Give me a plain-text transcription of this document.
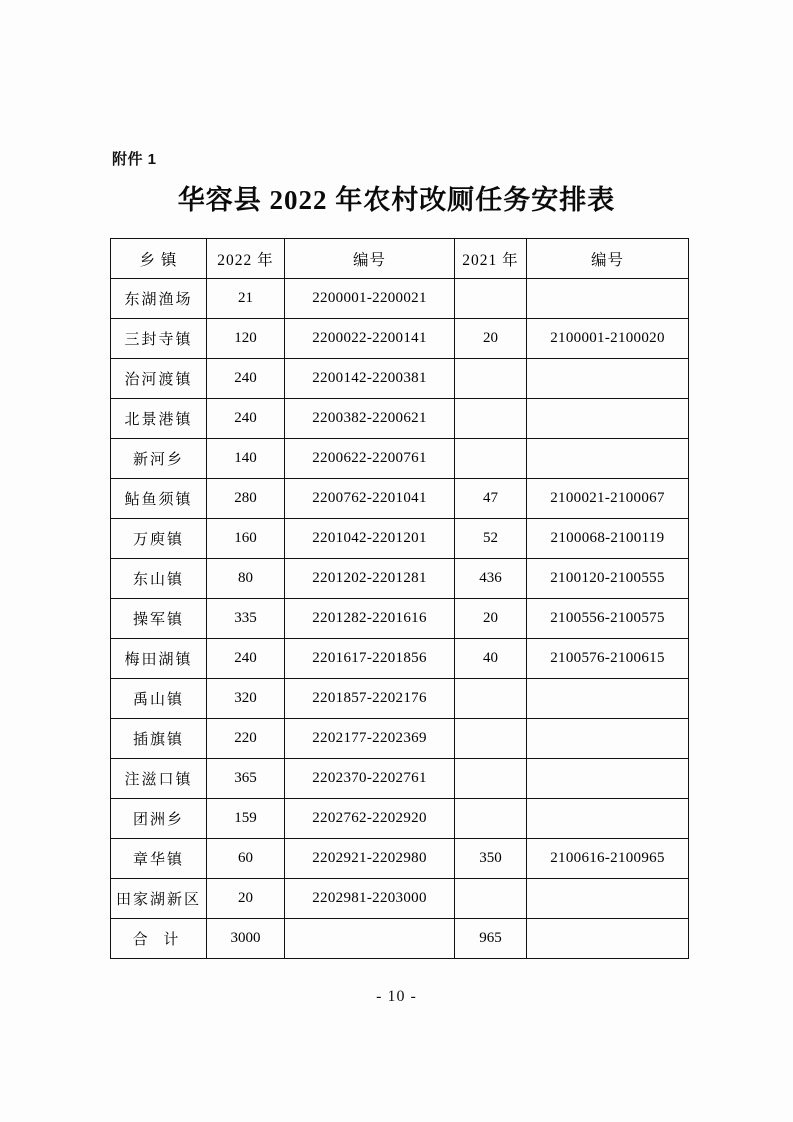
附件 1
华容县 2022 年农村改厕任务安排表
乡 镇	2022 年	编号	2021 年	编号
东湖渔场	21	2200001-2200021		
三封寺镇	120	2200022-2200141	20	2100001-2100020
治河渡镇	240	2200142-2200381		
北景港镇	240	2200382-2200621		
新河乡	140	2200622-2200761		
鲇鱼须镇	280	2200762-2201041	47	2100021-2100067
万庾镇	160	2201042-2201201	52	2100068-2100119
东山镇	80	2201202-2201281	436	2100120-2100555
操军镇	335	2201282-2201616	20	2100556-2100575
梅田湖镇	240	2201617-2201856	40	2100576-2100615
禹山镇	320	2201857-2202176		
插旗镇	220	2202177-2202369		
注滋口镇	365	2202370-2202761		
团洲乡	159	2202762-2202920		
章华镇	60	2202921-2202980	350	2100616-2100965
田家湖新区	20	2202981-2203000		
合 计	3000		965	
- 10 -
